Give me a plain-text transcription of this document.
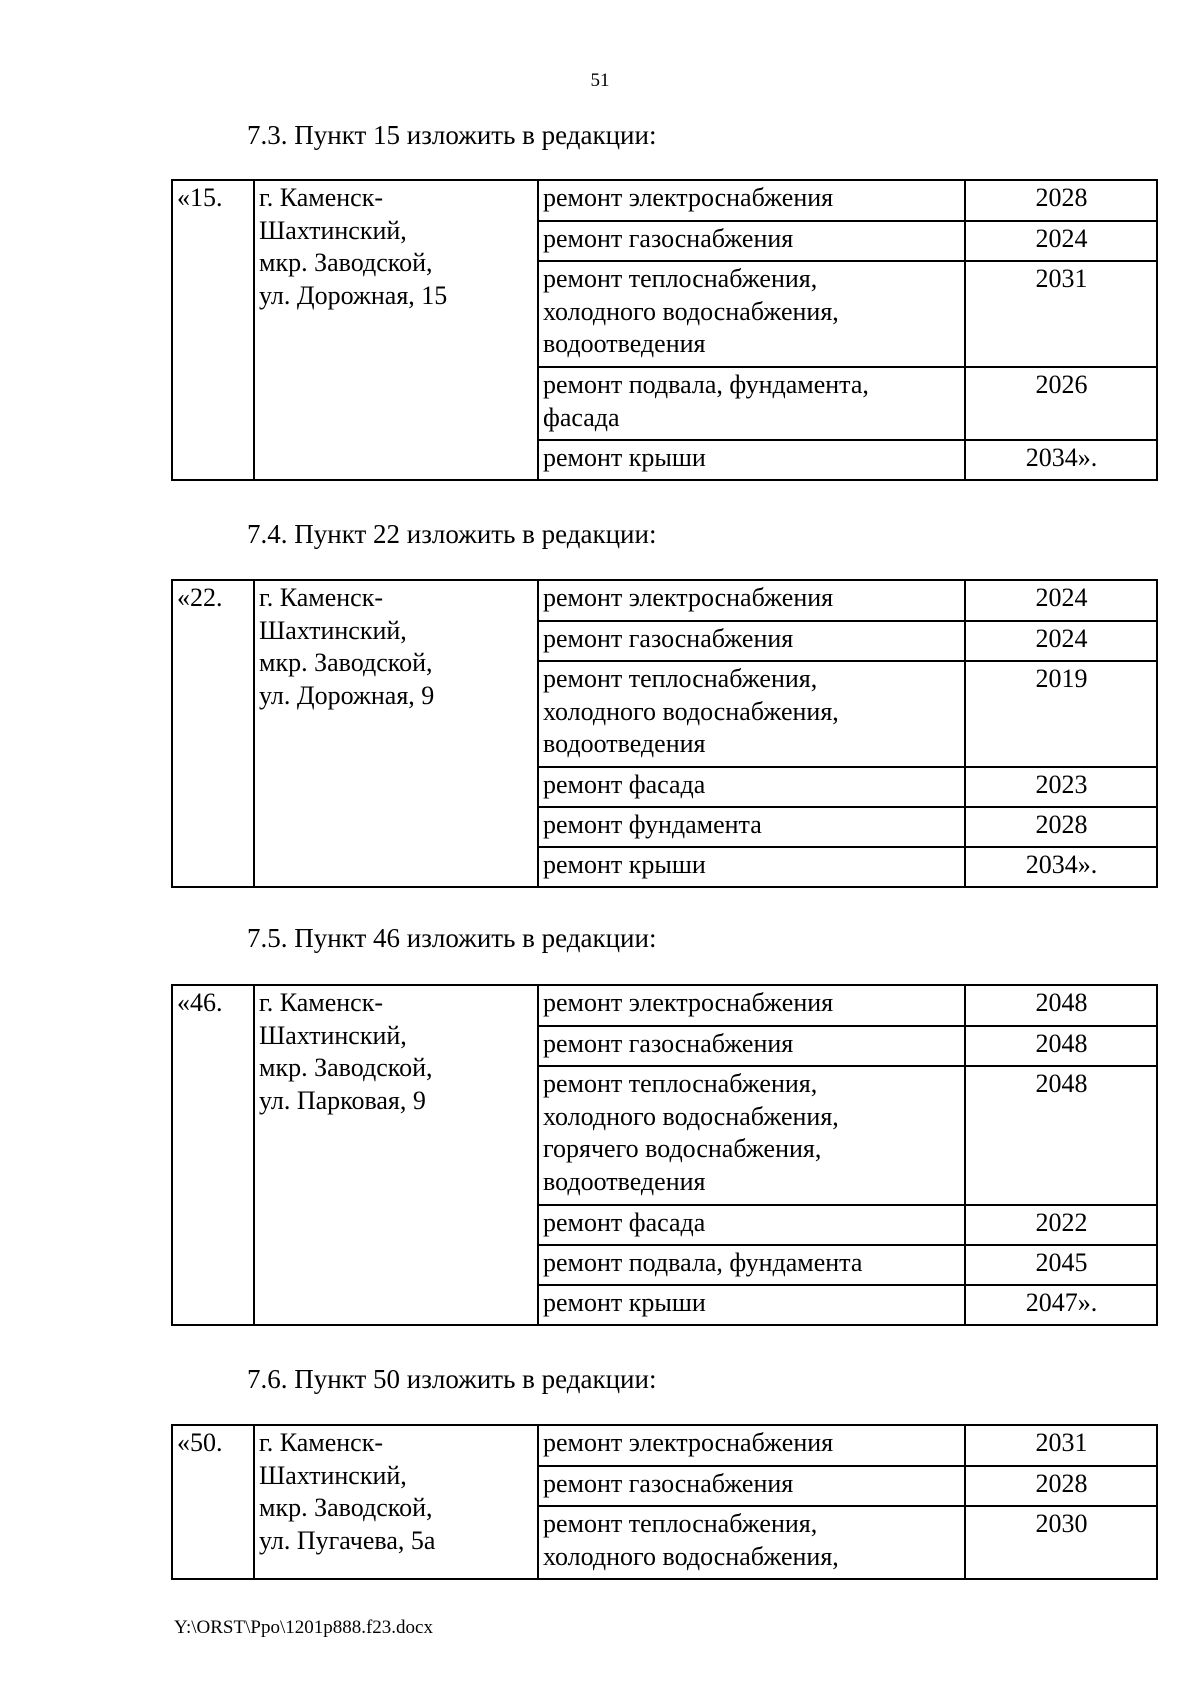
51
7.3. Пункт 15 изложить в редакции:
«15.	г. Каменск-
Шахтинский,
мкр. Заводской,
ул. Дорожная, 15	ремонт электроснабжения	2028

		ремонт газоснабжения	2024

		ремонт теплоснабжения,
холодного водоснабжения,
водоотведения	2031

		ремонт подвала, фундамента,
фасада	2026

		ремонт крыши	2034».
7.4. Пункт 22 изложить в редакции:
«22.	г. Каменск-
Шахтинский,
мкр. Заводской,
ул. Дорожная, 9	ремонт электроснабжения	2024

		ремонт газоснабжения	2024

		ремонт теплоснабжения,
холодного водоснабжения,
водоотведения	2019

		ремонт фасада	2023

		ремонт фундамента	2028

		ремонт крыши	2034».
7.5. Пункт 46 изложить в редакции:
«46.	г. Каменск-
Шахтинский,
мкр. Заводской,
ул. Парковая, 9	ремонт электроснабжения	2048

		ремонт газоснабжения	2048

		ремонт теплоснабжения,
холодного водоснабжения,
горячего водоснабжения,
водоотведения	2048

		ремонт фасада	2022

		ремонт подвала, фундамента	2045

		ремонт крыши	2047».
7.6. Пункт 50 изложить в редакции:
«50.	г. Каменск-
Шахтинский,
мкр. Заводской,
ул. Пугачева, 5а	ремонт электроснабжения	2031

		ремонт газоснабжения	2028

		ремонт теплоснабжения,
холодного водоснабжения,	2030
Y:\ORST\Ppo\1201p888.f23.docx
